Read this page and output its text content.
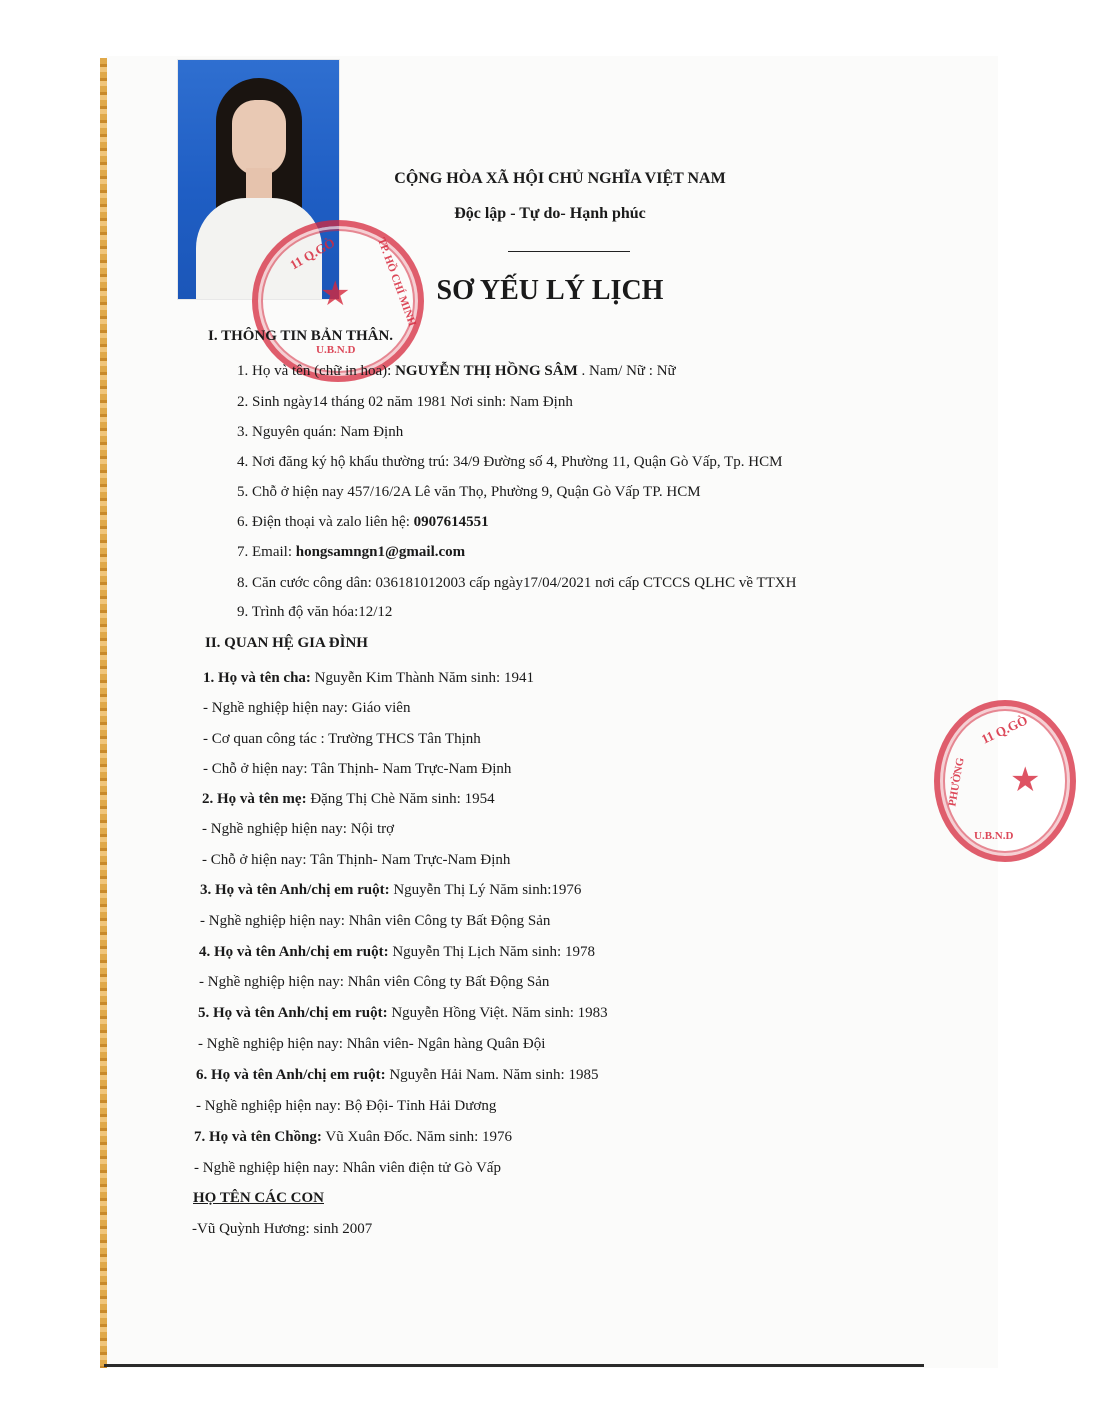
★
11 Q.GÒ	TP. HỒ CHÍ MINH
U.B.N.D
★
11 Q.GÒ
PHƯỜNG
U.B.N.D
CỘNG HÒA XÃ HỘI CHỦ NGHĨA VIỆT NAM
Độc lập - Tự do- Hạnh phúc
SƠ YẾU LÝ LỊCH
I. THÔNG TIN BẢN THÂN.
1. Họ và tên (chữ in hoa): NGUYỄN THỊ HỒNG SÂM . Nam/ Nữ : Nữ
2. Sinh ngày14 tháng 02 năm 1981 Nơi sinh: Nam Định
3. Nguyên quán: Nam Định
4. Nơi đăng ký hộ khẩu thường trú: 34/9 Đường số 4, Phường 11, Quận Gò Vấp, Tp. HCM
5. Chỗ ở hiện nay 457/16/2A Lê văn Thọ, Phường 9, Quận Gò Vấp TP. HCM
6. Điện thoại và zalo liên hệ: 0907614551
7. Email: hongsamngn1@gmail.com
8. Căn cước công dân: 036181012003 cấp ngày17/04/2021 nơi cấp CTCCS QLHC về TTXH
9. Trình độ văn hóa:12/12
II. QUAN HỆ GIA ĐÌNH
1. Họ và tên cha: Nguyễn Kim Thành Năm sinh: 1941
- Nghề nghiệp hiện nay: Giáo viên
- Cơ quan công tác : Trường THCS Tân Thịnh
- Chỗ ở hiện nay: Tân Thịnh- Nam Trực-Nam Định
2. Họ và tên mẹ: Đặng Thị Chè Năm sinh: 1954
- Nghề nghiệp hiện nay: Nội trợ
- Chỗ ở hiện nay: Tân Thịnh- Nam Trực-Nam Định
3. Họ và tên Anh/chị em ruột: Nguyễn Thị Lý Năm sinh:1976
- Nghề nghiệp hiện nay: Nhân viên Công ty Bất Động Sản
4. Họ và tên Anh/chị em ruột: Nguyễn Thị Lịch Năm sinh: 1978
- Nghề nghiệp hiện nay: Nhân viên Công ty Bất Động Sản
5. Họ và tên Anh/chị em ruột: Nguyễn Hồng Việt. Năm sinh: 1983
- Nghề nghiệp hiện nay: Nhân viên- Ngân hàng Quân Đội
6. Họ và tên Anh/chị em ruột: Nguyễn Hải Nam. Năm sinh: 1985
- Nghề nghiệp hiện nay: Bộ Đội- Tỉnh Hải Dương
7. Họ và tên Chồng: Vũ Xuân Đốc. Năm sinh: 1976
- Nghề nghiệp hiện nay: Nhân viên điện tử Gò Vấp
HỌ TÊN CÁC CON
-Vũ Quỳnh Hương: sinh 2007
